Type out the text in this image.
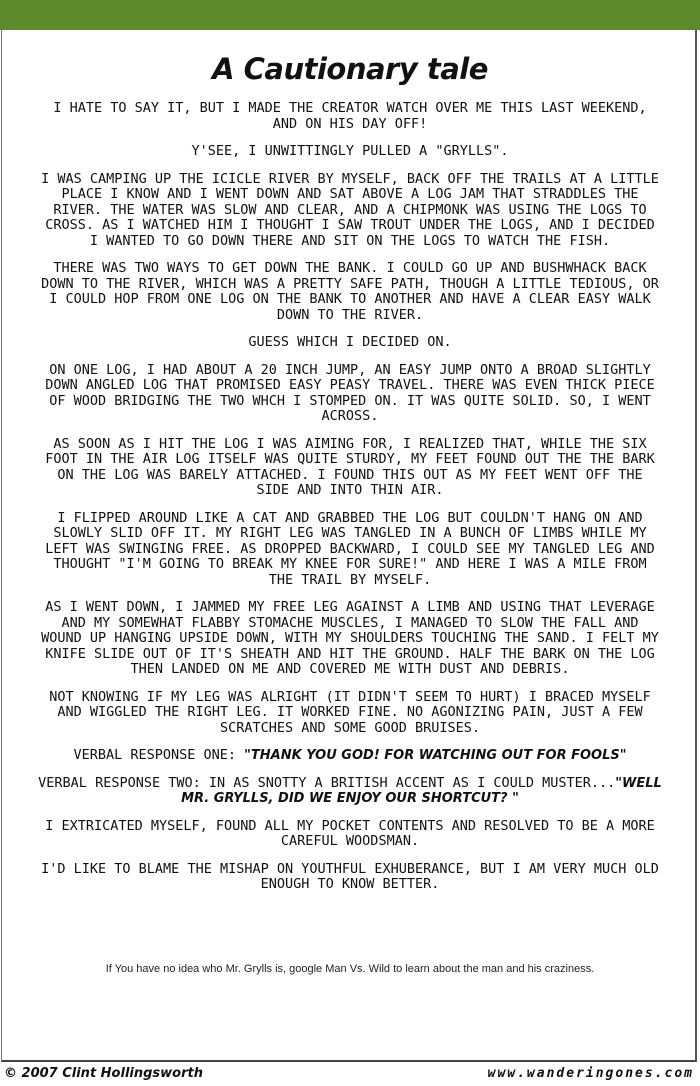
A Cautionary tale

I HATE TO SAY IT, BUT I MADE THE CREATOR WATCH OVER ME THIS LAST WEEKEND, AND ON HIS DAY OFF!

Y'SEE, I UNWITTINGLY PULLED A "GRYLLS".

I WAS CAMPING UP THE ICICLE RIVER BY MYSELF, BACK OFF THE TRAILS AT A LITTLE PLACE I KNOW AND I WENT DOWN AND SAT ABOVE A LOG JAM THAT STRADDLES THE RIVER. THE WATER WAS SLOW AND CLEAR, AND A CHIPMONK WAS USING THE LOGS TO CROSS. AS I WATCHED HIM I THOUGHT I SAW TROUT UNDER THE LOGS, AND I DECIDED I WANTED TO GO DOWN THERE AND SIT ON THE LOGS TO WATCH THE FISH.

THERE WAS TWO WAYS TO GET DOWN THE BANK. I COULD GO UP AND BUSHWHACK BACK DOWN TO THE RIVER, WHICH WAS A PRETTY SAFE PATH, THOUGH A LITTLE TEDIOUS, OR I COULD HOP FROM ONE LOG ON THE BANK TO ANOTHER AND HAVE A CLEAR EASY WALK DOWN TO THE RIVER.

GUESS WHICH I DECIDED ON.

ON ONE LOG, I HAD ABOUT A 20 INCH JUMP, AN EASY JUMP ONTO A BROAD SLIGHTLY DOWN ANGLED LOG THAT PROMISED EASY PEASY TRAVEL. THERE WAS EVEN THICK PIECE OF WOOD BRIDGING THE TWO WHCH I STOMPED ON. IT WAS QUITE SOLID. SO, I WENT ACROSS.

AS SOON AS I HIT THE LOG I WAS AIMING FOR, I REALIZED THAT, WHILE THE SIX FOOT IN THE AIR LOG ITSELF WAS QUITE STURDY, MY FEET FOUND OUT THE THE BARK ON THE LOG WAS BARELY ATTACHED. I FOUND THIS OUT AS MY FEET WENT OFF THE SIDE AND INTO THIN AIR.

I FLIPPED AROUND LIKE A CAT AND GRABBED THE LOG BUT COULDN'T HANG ON AND SLOWLY SLID OFF IT. MY RIGHT LEG WAS TANGLED IN A BUNCH OF LIMBS WHILE MY LEFT WAS SWINGING FREE. AS DROPPED BACKWARD, I COULD SEE MY TANGLED LEG AND THOUGHT "I'M GOING TO BREAK MY KNEE FOR SURE!" AND HERE I WAS A MILE FROM THE TRAIL BY MYSELF.

AS I WENT DOWN, I JAMMED MY FREE LEG AGAINST A LIMB AND USING THAT LEVERAGE AND MY SOMEWHAT FLABBY STOMACHE MUSCLES, I MANAGED TO SLOW THE FALL AND WOUND UP HANGING UPSIDE DOWN, WITH MY SHOULDERS TOUCHING THE SAND. I FELT MY KNIFE SLIDE OUT OF IT'S SHEATH AND HIT THE GROUND. HALF THE BARK ON THE LOG THEN LANDED ON ME AND COVERED ME WITH DUST AND DEBRIS.

NOT KNOWING IF MY LEG WAS ALRIGHT (IT DIDN'T SEEM TO HURT) I BRACED MYSELF AND WIGGLED THE RIGHT LEG. IT WORKED FINE. NO AGONIZING PAIN, JUST A FEW SCRATCHES AND SOME GOOD BRUISES.

VERBAL RESPONSE ONE: "THANK YOU GOD! FOR WATCHING OUT FOR FOOLS"

VERBAL RESPONSE TWO: IN AS SNOTTY A BRITISH ACCENT AS I COULD MUSTER..."WELL MR. GRYLLS, DID WE ENJOY OUR SHORTCUT? "

I EXTRICATED MYSELF, FOUND ALL MY POCKET CONTENTS AND RESOLVED TO BE A MORE CAREFUL WOODSMAN.

I'D LIKE TO BLAME THE MISHAP ON YOUTHFUL EXHUBERANCE, BUT I AM VERY MUCH OLD ENOUGH TO KNOW BETTER.

If You have no idea who Mr. Grylls is, google Man Vs. Wild to learn about the man and his craziness.

© 2007 Clint Hollingsworth	www.wanderingones.com
